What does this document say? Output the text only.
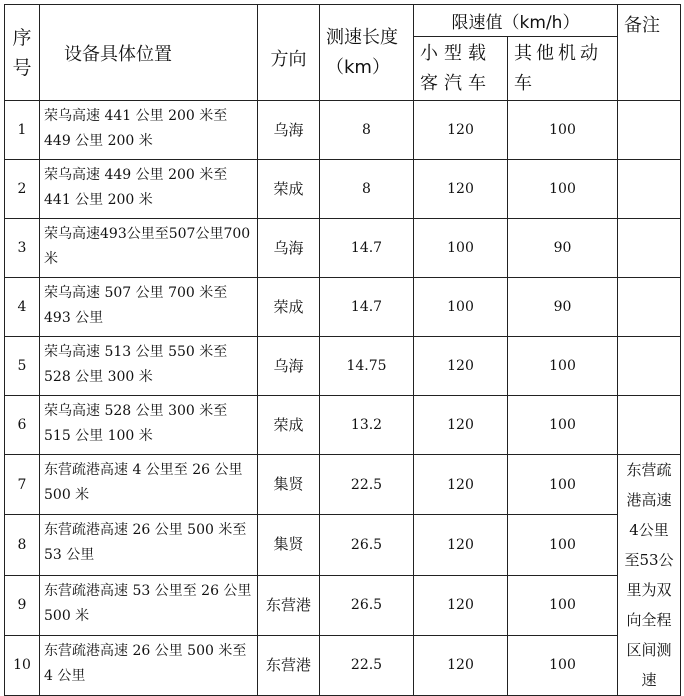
序号	设备具体位置	方向	测速长度（km）	限速值（km/h）		备注
				小型载客汽车	其他机动车	
1	荣乌高速 441 公里 200 米至 449 公里 200 米	乌海	8	120	100	
2	荣乌高速 449 公里 200 米至 441 公里 200 米	荣成	8	120	100	
3	荣乌高速493公里至507公里700米	乌海	14.7	100	90	
4	荣乌高速 507 公里 700 米至 493 公里	荣成	14.7	100	90	
5	荣乌高速 513 公里 550 米至 528 公里 300 米	乌海	14.75	120	100	
6	荣乌高速 528 公里 300 米至 515 公里 100 米	荣成	13.2	120	100	
7	东营疏港高速 4 公里至 26 公里 500 米	集贤	22.5	120	100	东营疏港高速4公里至53公里为双向全程区间测速
8	东营疏港高速 26 公里 500 米至 53 公里	集贤	26.5	120	100	
9	东营疏港高速 53 公里至 26 公里 500 米	东营港	26.5	120	100	
10	东营疏港高速 26 公里 500 米至 4 公里	东营港	22.5	120	100	
